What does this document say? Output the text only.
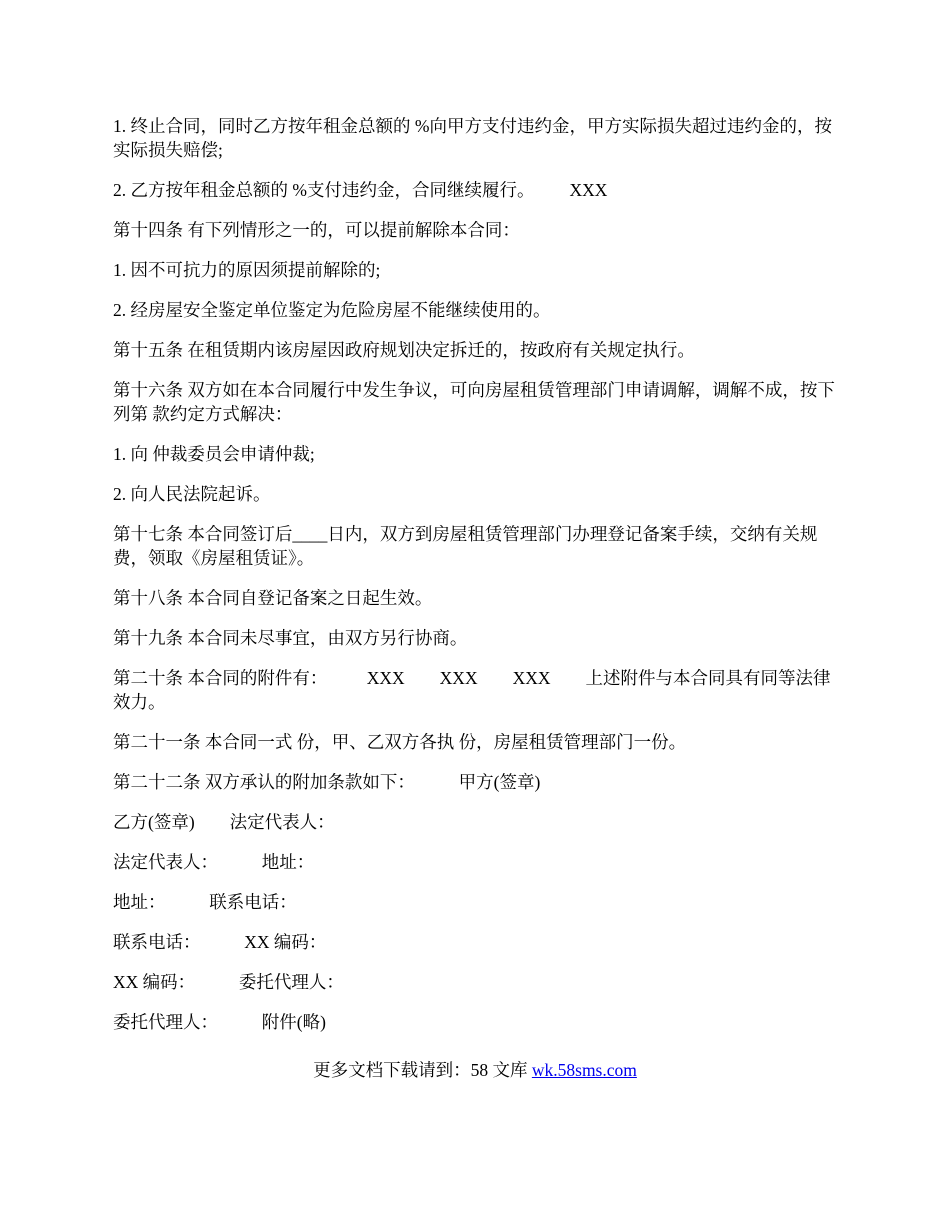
1. 终止合同，同时乙方按年租金总额的 %向甲方支付违约金，甲方实际损失超过违约金的，按实际损失赔偿;

2. 乙方按年租金总额的 %支付违约金，合同继续履行。        XXX

第十四条 有下列情形之一的，可以提前解除本合同：

1. 因不可抗力的原因须提前解除的;

2. 经房屋安全鉴定单位鉴定为危险房屋不能继续使用的。

第十五条 在租赁期内该房屋因政府规划决定拆迁的，按政府有关规定执行。

第十六条 双方如在本合同履行中发生争议，可向房屋租赁管理部门申请调解，调解不成，按下列第 款约定方式解决：

1. 向 仲裁委员会申请仲裁;

2. 向人民法院起诉。

第十七条 本合同签订后____日内，双方到房屋租赁管理部门办理登记备案手续，交纳有关规费，领取《房屋租赁证》。

第十八条 本合同自登记备案之日起生效。

第十九条 本合同未尽事宜，由双方另行协商。

第二十条 本合同的附件有：         XXX        XXX        XXX        上述附件与本合同具有同等法律效力。

第二十一条 本合同一式 份，甲、乙双方各执 份，房屋租赁管理部门一份。

第二十二条 双方承认的附加条款如下：          甲方(签章)

乙方(签章)        法定代表人：

法定代表人：          地址：

地址：          联系电话：

联系电话：          XX 编码：

XX 编码：          委托代理人：

委托代理人：          附件(略)

更多文档下载请到：58 文库 wk.58sms.com
